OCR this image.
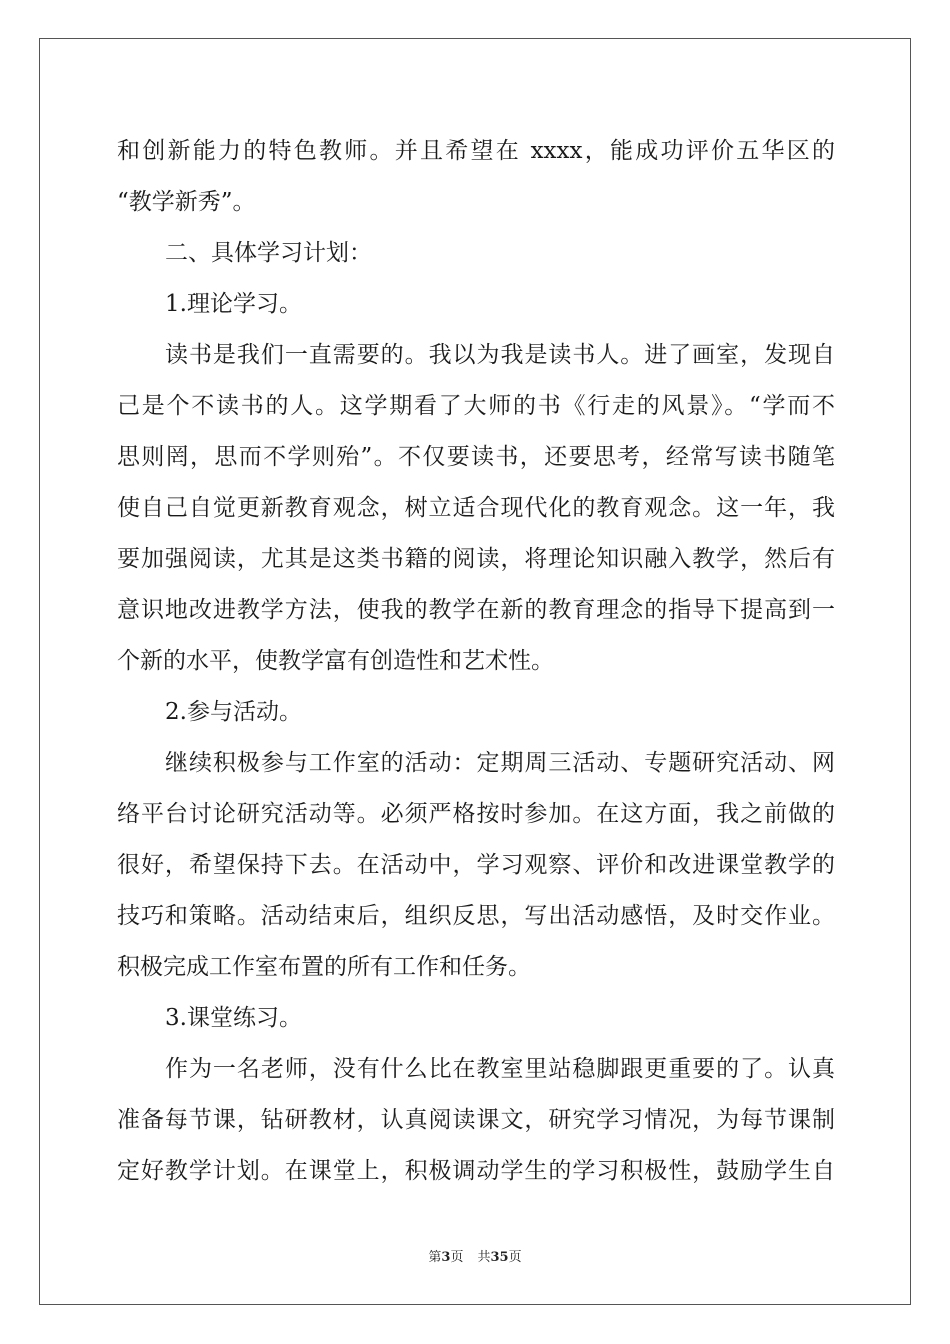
和创新能力的特色教师。并且希望在 xxxx，能成功评价五华区的
“教学新秀”。
二、具体学习计划：
1.理论学习。
读书是我们一直需要的。我以为我是读书人。进了画室，发现自
己是个不读书的人。这学期看了大师的书《行走的风景》。“学而不
思则罔，思而不学则殆”。不仅要读书，还要思考，经常写读书随笔
使自己自觉更新教育观念，树立适合现代化的教育观念。这一年，我
要加强阅读，尤其是这类书籍的阅读，将理论知识融入教学，然后有
意识地改进教学方法，使我的教学在新的教育理念的指导下提高到一
个新的水平，使教学富有创造性和艺术性。
2.参与活动。
继续积极参与工作室的活动：定期周三活动、专题研究活动、网
络平台讨论研究活动等。必须严格按时参加。在这方面，我之前做的
很好，希望保持下去。在活动中，学习观察、评价和改进课堂教学的
技巧和策略。活动结束后，组织反思，写出活动感悟，及时交作业。
积极完成工作室布置的所有工作和任务。
3.课堂练习。
作为一名老师，没有什么比在教室里站稳脚跟更重要的了。认真
准备每节课，钻研教材，认真阅读课文，研究学习情况，为每节课制
定好教学计划。在课堂上，积极调动学生的学习积极性，鼓励学生自
第3页 共35页
